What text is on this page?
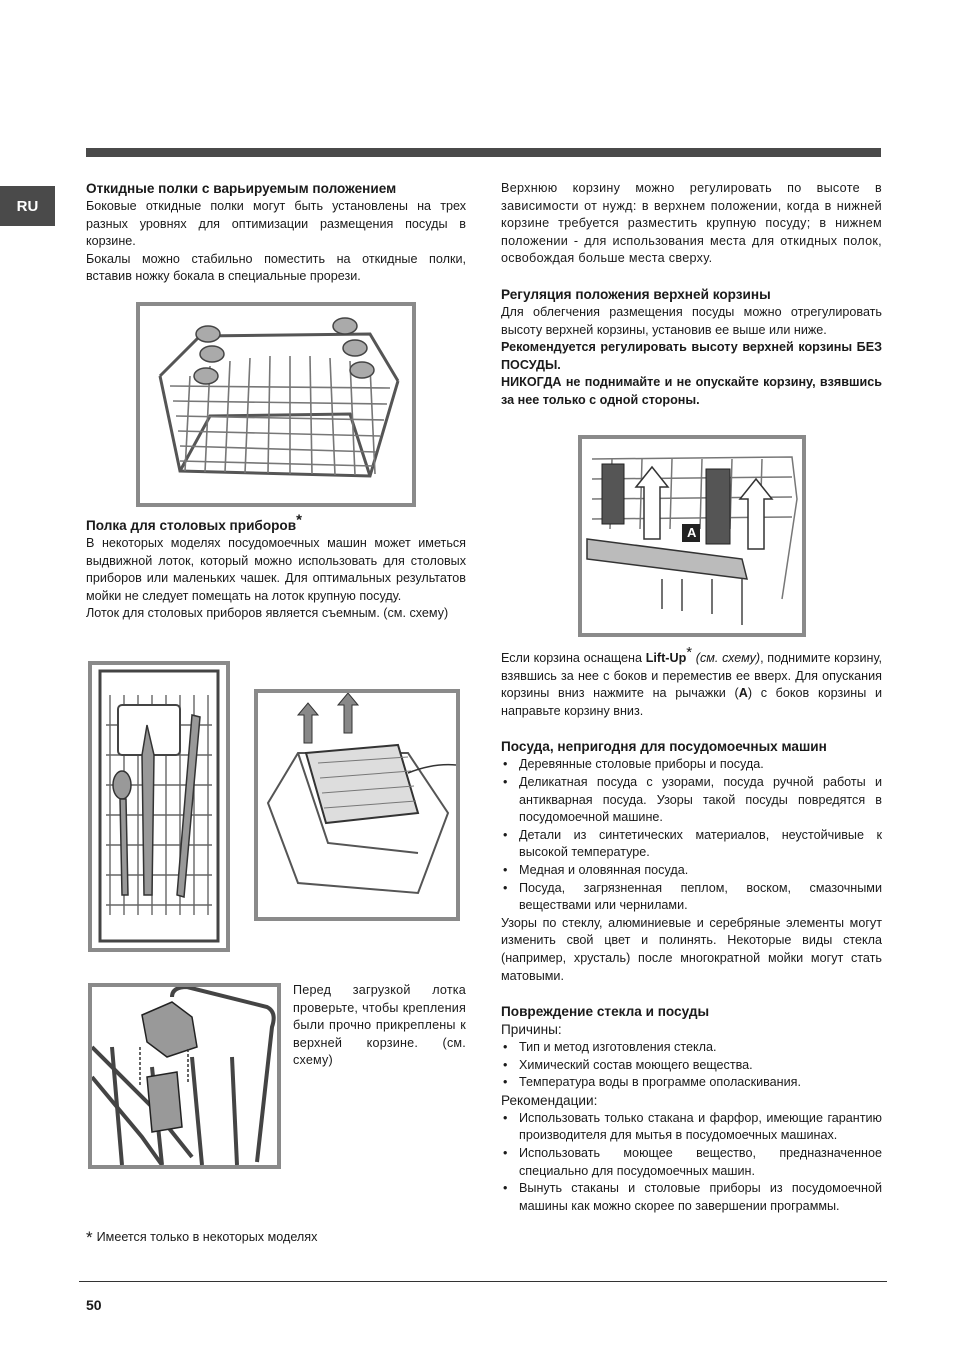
RU
Откидные полки с варьируемым положением

Боковые откидные полки могут быть установлены на трех разных уровнях для оптимизации размещения посуды в корзине.

Бокалы можно стабильно поместить на откидные полки, вставив ножку бокала в специальные прорези.

Полка для столовых приборов*

В некоторых моделях посудомоечных машин может иметься выдвижной лоток, который можно использовать для столовых приборов или маленьких чашек. Для оптимальных результатов мойки не следует помещать на лоток крупную посуду.

Лоток для столовых приборов является съемным. (см. схему)

Перед загрузкой лотка проверьте, чтобы крепления были прочно прикреплены к верхней корзине. (см. схему)
* Имеется только в некоторых моделях

Верхнюю корзину можно регулировать по высоте в зависимости от нужд: в верхнем положении, когда в нижней корзине требуется разместить крупную посуду; в нижнем положении - для использования места для откидных полок, освобождая больше места сверху.

Регуляция положения верхней корзины

Для облегчения размещения посуды можно отрегулировать высоту верхней корзины, установив ее выше или ниже.

Рекомендуется регулировать высоту верхней корзины БЕЗ ПОСУДЫ.

НИКОГДА не поднимайте и не опускайте корзину, взявшись за нее только с одной стороны.

A

Если корзина оснащена Lift-Up* (см. схему), поднимите корзину, взявшись за нее с боков и переместив ее вверх. Для опускания корзины вниз нажмите на рычажки (A) с боков корзины и направьте корзину вниз.

Посуда, непригодня для посудомоечных машин
• Деревянные столовые приборы и посуда.
• Деликатная посуда с узорами, посуда ручной работы и антикварная посуда. Узоры такой посуды повредятся в посудомоечной машине.
• Детали из синтетических материалов, неустойчивые к высокой температуре.
• Медная и оловянная посуда.
• Посуда, загрязненная пеплом, воском, смазочными веществами или чернилами.

Узоры по стеклу, алюминиевые и серебряные элементы могут изменить свой цвет и полинять. Некоторые виды стекла (например, хрусталь) после многократной мойки могут стать матовыми.

Повреждение стекла и посуды
Причины:
• Тип и метод изготовления стекла.
• Химический состав моющего вещества.
• Температура воды в программе ополаскивания.
Рекомендации:
• Использовать только стакана и фарфор, имеющие гарантию производителя для мытья в посудомоечных машинах.
• Использовать моющее вещество, предназначенное специально для посудомоечных машин.
• Вынуть стаканы и столовые приборы из посудомоечной машины как можно скорее по завершении программы.
50
